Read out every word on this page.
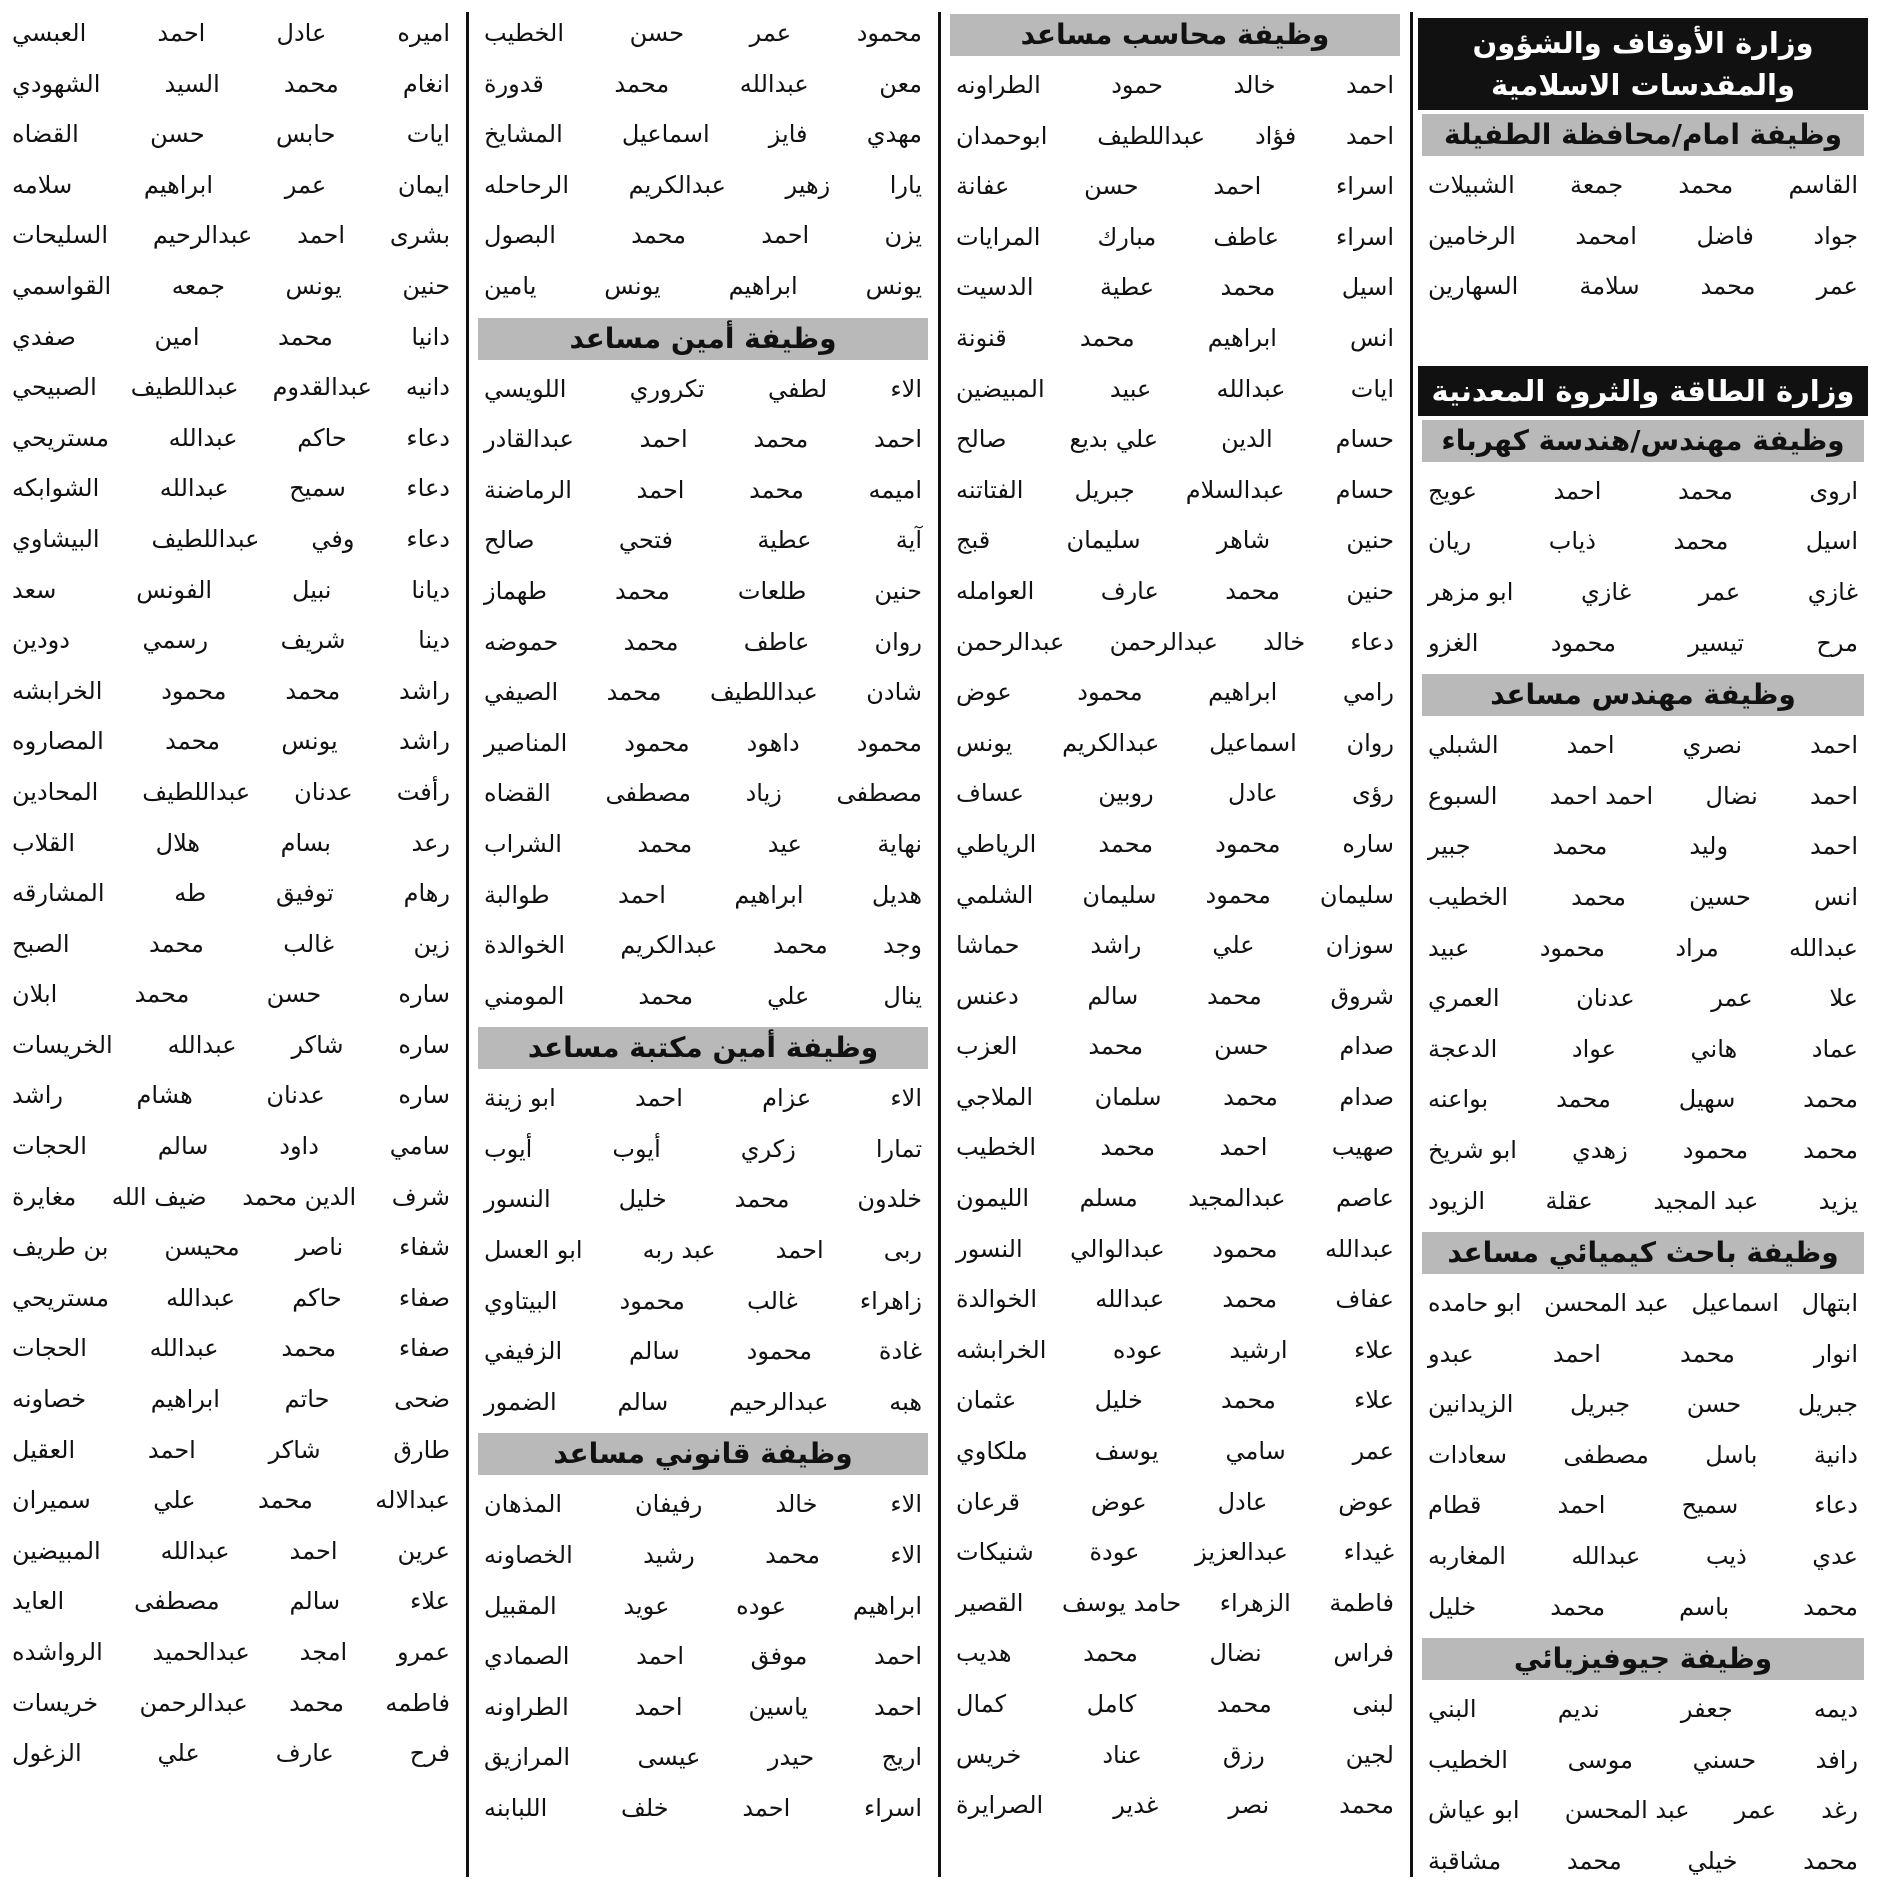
وزارة الأوقاف والشؤون والمقدسات الاسلامية
وظيفة امام/محافظة الطفيلة
القاسم
محمد
جمعة
الشبيلات
جواد
فاضل
امحمد
الرخامين
عمر
محمد
سلامة
السهارين
وزارة الطاقة والثروة المعدنية
وظيفة مهندس/هندسة كهرباء
اروى
محمد
احمد
عويج
اسيل
محمد
ذياب
ريان
غازي
عمر
غازي
ابو مزهر
مرح
تيسير
محمود
الغزو
وظيفة مهندس مساعد
احمد
نصري
احمد
الشبلي
احمد
نضال
احمد احمد
السبوع
احمد
وليد
محمد
جبير
انس
حسين
محمد
الخطيب
عبدالله
مراد
محمود
عبيد
علا
عمر
عدنان
العمري
عماد
هاني
عواد
الدعجة
محمد
سهيل
محمد
بواعنه
محمد
محمود
زهدي
ابو شريخ
يزيد
عبد المجيد
عقلة
الزيود
وظيفة باحث كيميائي مساعد
ابتهال
اسماعيل
عبد المحسن
ابو حامده
انوار
محمد
احمد
عبدو
جبريل
حسن
جبريل
الزيدانين
دانية
باسل
مصطفى
سعادات
دعاء
سميح
احمد
قطام
عدي
ذيب
عبدالله
المغاربه
محمد
باسم
محمد
خليل
وظيفة جيوفيزيائي
ديمه
جعفر
نديم
البني
رافد
حسني
موسى
الخطيب
رغد
عمر
عبد المحسن
ابو عياش
محمد
خيلي
محمد
مشاقبة
وظيفة محاسب مساعد
احمد
خالد
حمود
الطراونه
احمد
فؤاد
عبداللطيف
ابوحمدان
اسراء
احمد
حسن
عفانة
اسراء
عاطف
مبارك
المرايات
اسيل
محمد
عطية
الدسيت
انس
ابراهيم
محمد
قنونة
ايات
عبدالله
عبيد
المبيضين
حسام
الدين
علي بديع
صالح
حسام
عبدالسلام
جبريل
الفتاتنه
حنين
شاهر
سليمان
قبج
حنين
محمد
عارف
العوامله
دعاء
خالد
عبدالرحمن
عبدالرحمن
رامي
ابراهيم
محمود
عوض
روان
اسماعيل
عبدالكريم
يونس
رؤى
عادل
روبين
عساف
ساره
محمود
محمد
الرياطي
سليمان
محمود
سليمان
الشلمي
سوزان
علي
راشد
حماشا
شروق
محمد
سالم
دعنس
صدام
حسن
محمد
العزب
صدام
محمد
سلمان
الملاجي
صهيب
احمد
محمد
الخطيب
عاصم
عبدالمجيد
مسلم
الليمون
عبدالله
محمود
عبدالوالي
النسور
عفاف
محمد
عبدالله
الخوالدة
علاء
ارشيد
عوده
الخرابشه
علاء
محمد
خليل
عثمان
عمر
سامي
يوسف
ملكاوي
عوض
عادل
عوض
قرعان
غيداء
عبدالعزيز
عودة
شنيكات
فاطمة
الزهراء
حامد يوسف
القصير
فراس
نضال
محمد
هديب
لبنى
محمد
كامل
كمال
لجين
رزق
عناد
خريس
محمد
نصر
غدير
الصرايرة
محمود
عمر
حسن
الخطيب
معن
عبدالله
محمد
قدورة
مهدي
فايز
اسماعيل
المشايخ
يارا
زهير
عبدالكريم
الرحاحله
يزن
احمد
محمد
البصول
يونس
ابراهيم
يونس
يامين
وظيفة أمين مساعد
الاء
لطفي
تكروري
اللويسي
احمد
محمد
احمد
عبدالقادر
اميمه
محمد
احمد
الرماضنة
آية
عطية
فتحي
صالح
حنين
طلعات
محمد
طهماز
روان
عاطف
محمد
حموضه
شادن
عبداللطيف
محمد
الصيفي
محمود
داهود
محمود
المناصير
مصطفى
زياد
مصطفى
القضاه
نهاية
عيد
محمد
الشراب
هديل
ابراهيم
احمد
طوالبة
وجد
محمد
عبدالكريم
الخوالدة
ينال
علي
محمد
المومني
وظيفة أمين مكتبة مساعد
الاء
عزام
احمد
ابو زينة
تمارا
زكري
أيوب
أيوب
خلدون
محمد
خليل
النسور
ربى
احمد
عبد ربه
ابو العسل
زاهراء
غالب
محمود
البيتاوي
غادة
محمود
سالم
الزفيفي
هبه
عبدالرحيم
سالم
الضمور
وظيفة قانوني مساعد
الاء
خالد
رفيفان
المذهان
الاء
محمد
رشيد
الخصاونه
ابراهيم
عوده
عويد
المقبيل
احمد
موفق
احمد
الصمادي
احمد
ياسين
احمد
الطراونه
اريج
حيدر
عيسى
المرازيق
اسراء
احمد
خلف
اللبابنه
اميره
عادل
احمد
العبسي
انغام
محمد
السيد
الشهودي
ايات
حابس
حسن
القضاه
ايمان
عمر
ابراهيم
سلامه
بشرى
احمد
عبدالرحيم
السليحات
حنين
يونس
جمعه
القواسمي
دانيا
محمد
امين
صفدي
دانيه
عبدالقدوم
عبداللطيف
الصبيحي
دعاء
حاكم
عبدالله
مستريحي
دعاء
سميح
عبدالله
الشوابكه
دعاء
وفي
عبداللطيف
البيشاوي
ديانا
نبيل
الفونس
سعد
دينا
شريف
رسمي
دودين
راشد
محمد
محمود
الخرابشه
راشد
يونس
محمد
المصاروه
رأفت
عدنان
عبداللطيف
المحادين
رعد
بسام
هلال
القلاب
رهام
توفيق
طه
المشارقه
زين
غالب
محمد
الصبح
ساره
حسن
محمد
ابلان
ساره
شاكر
عبدالله
الخريسات
ساره
عدنان
هشام
راشد
سامي
داود
سالم
الحجات
شرف
الدين محمد
ضيف الله
مغايرة
شفاء
ناصر
محيسن
بن طريف
صفاء
حاكم
عبدالله
مستريحي
صفاء
محمد
عبدالله
الحجات
ضحى
حاتم
ابراهيم
خصاونه
طارق
شاكر
احمد
العقيل
عبدالاله
محمد
علي
سميران
عرين
احمد
عبدالله
المبيضين
علاء
سالم
مصطفى
العايد
عمرو
امجد
عبدالحميد
الرواشده
فاطمه
محمد
عبدالرحمن
خريسات
فرح
عارف
علي
الزغول
